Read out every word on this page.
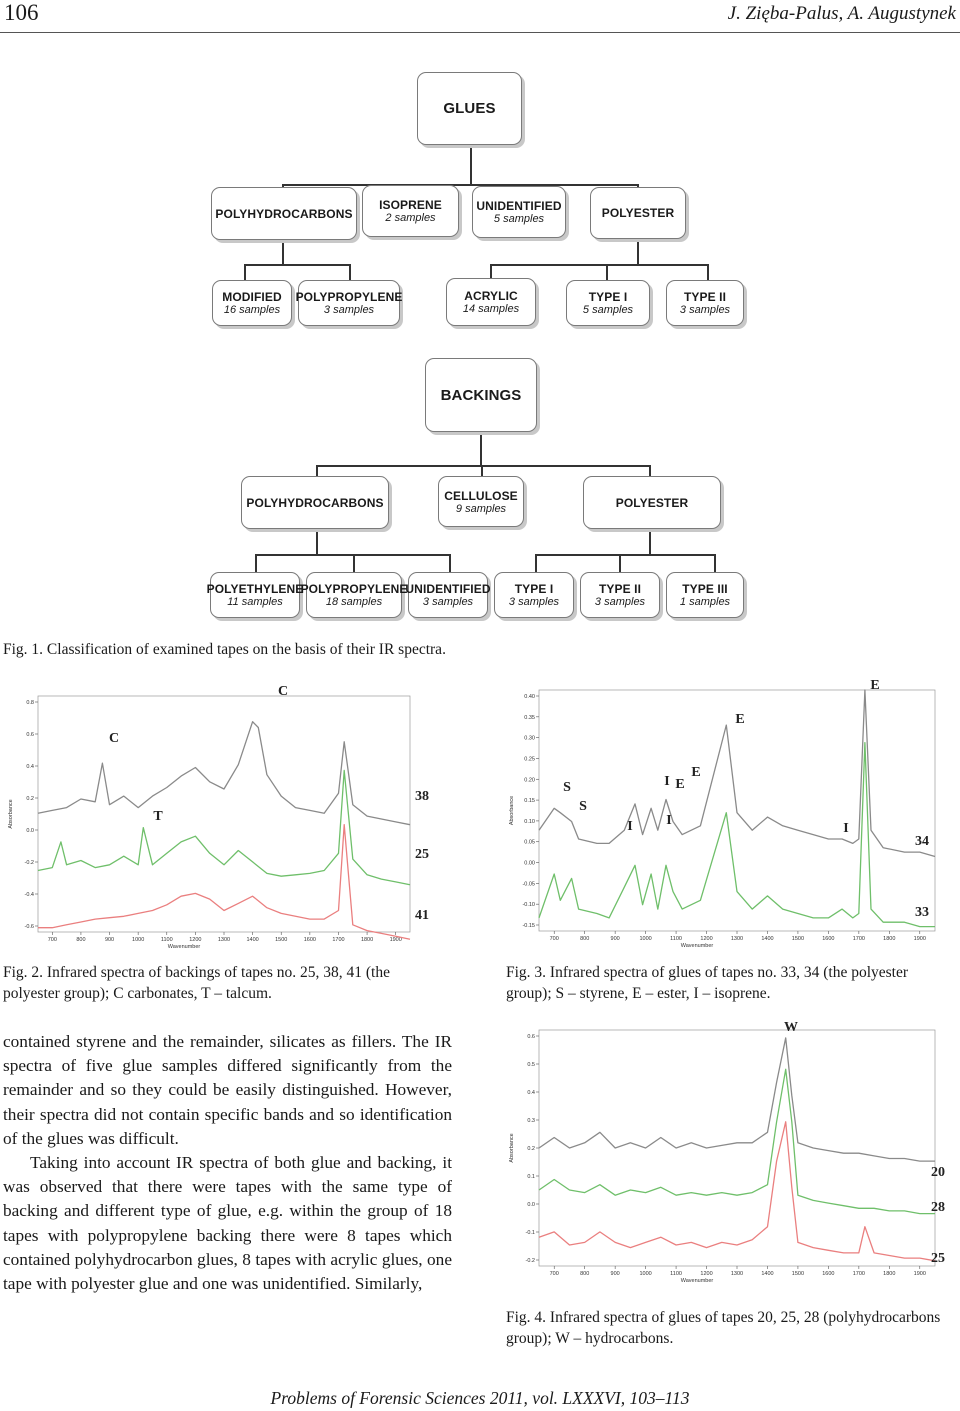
106	J. Zięba-Palus, A. Augustynek
GLUES
POLYHYDROCARBONS
ISOPRENE
2 samples
UNIDENTIFIED
5 samples	POLYESTER
MODIFIED
16 samples
POLYPROPYLENE
3 samples
ACRYLIC
14 samples
TYPE I
5 samples
TYPE II
3 samples
BACKINGS
POLYHYDROCARBONS	CELLULOSE
9 samples	POLYESTER
POLYETHYLENE
11 samples
POLYPROPYLENE
18 samples
UNIDENTIFIED
3 samples
TYPE I
3 samples
TYPE II
3 samples
TYPE III
1 samples
Fig. 1. Classification of examined tapes on the basis of their IR spectra.
0.8
0.6
0.4
0.2
0.0
-0.2
-0.4
-0.6
700	800	900	1000	1100	1200	1300	1400	1500	1600	1700	1800	1900
Wavenumber
Absorbance
38
25
41
C
C
T
0.40
0.35
0.30
0.25
0.20
0.15
0.10
0.05
0.00
-0.05
-0.10
-0.15
700	800	900	1000	1100	1200	1300	1400	1500	1600	1700	1800	1900
Wavenumber
Absorbance
34
33
S
S
I I
I E
E
E
E
I
0.6
0.5
0.4
0.3
0.2
0.1
0.0
-0.1
-0.2
700	800	900	1000	1100	1200	1300	1400	1500	1600	1700	1800	1900
Wavenumber
Absorbance
20
28
25
W
Fig. 2. Infrared spectra of backings of tapes no. 25, 38, 41 (the polyester group); C carbonates, T – talcum.
Fig. 3. Infrared spectra of glues of tapes no. 33, 34 (the polyester group); S – styrene, E – ester, I – isoprene.
Fig. 4. Infrared spectra of glues of tapes 20, 25, 28 (polyhydrocarbons group); W – hydrocarbons.

contained styrene and the remainder, silicates as fillers. The IR spectra of five glue samples differed significantly from the remainder and so they could be easily distinguished. However, their spectra did not contain specific bands and so identification of the glues was difficult.

Taking into account IR spectra of both glue and backing, it was observed that there were tapes with the same type of backing and different type of glue, e.g. within the group of 18 tapes with polypropylene backing there were 8 tapes which contained polyhydrocarbon glues, 8 tapes with acrylic glues, one tape with polyester glue and one was unidentified. Similarly,

Problems of Forensic Sciences 2011, vol. LXXXVI, 103–113
